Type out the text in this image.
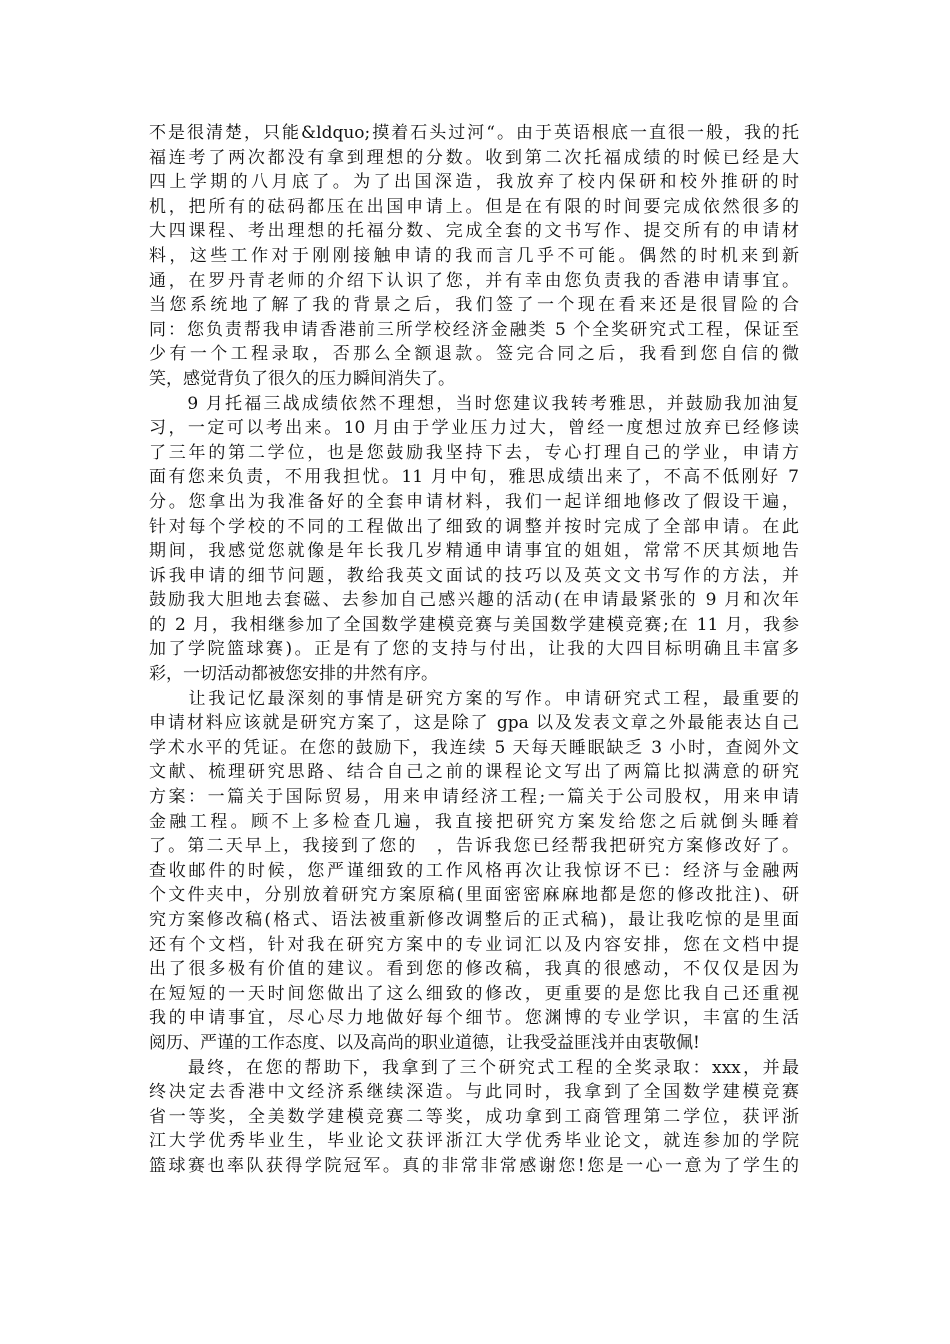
不是很清楚，只能&ldquo;摸着石头过河“。由于英语根底一直很一般，我的托
福连考了两次都没有拿到理想的分数。收到第二次托福成绩的时候已经是大
四上学期的八月底了。为了出国深造，我放弃了校内保研和校外推研的时
机，把所有的砝码都压在出国申请上。但是在有限的时间要完成依然很多的
大四课程、考出理想的托福分数、完成全套的文书写作、提交所有的申请材
料，这些工作对于刚刚接触申请的我而言几乎不可能。偶然的时机来到新
通，在罗丹青老师的介绍下认识了您，并有幸由您负责我的香港申请事宜。
当您系统地了解了我的背景之后，我们签了一个现在看来还是很冒险的合
同：您负责帮我申请香港前三所学校经济金融类 5 个全奖研究式工程，保证至
少有一个工程录取，否那么全额退款。签完合同之后，我看到您自信的微
笑，感觉背负了很久的压力瞬间消失了。
　　9 月托福三战成绩依然不理想，当时您建议我转考雅思，并鼓励我加油复
习，一定可以考出来。10 月由于学业压力过大，曾经一度想过放弃已经修读
了三年的第二学位，也是您鼓励我坚持下去，专心打理自己的学业，申请方
面有您来负责，不用我担忧。11 月中旬，雅思成绩出来了，不高不低刚好 7
分。您拿出为我准备好的全套申请材料，我们一起详细地修改了假设干遍，
针对每个学校的不同的工程做出了细致的调整并按时完成了全部申请。在此
期间，我感觉您就像是年长我几岁精通申请事宜的姐姐，常常不厌其烦地告
诉我申请的细节问题，教给我英文面试的技巧以及英文文书写作的方法，并
鼓励我大胆地去套磁、去参加自己感兴趣的活动(在申请最紧张的 9 月和次年
的 2 月，我相继参加了全国数学建模竞赛与美国数学建模竞赛;在 11 月，我参
加了学院篮球赛)。正是有了您的支持与付出，让我的大四目标明确且丰富多
彩，一切活动都被您安排的井然有序。
　　让我记忆最深刻的事情是研究方案的写作。申请研究式工程，最重要的
申请材料应该就是研究方案了，这是除了 gpa 以及发表文章之外最能表达自己
学术水平的凭证。在您的鼓励下，我连续 5 天每天睡眠缺乏 3 小时，查阅外文
文献、梳理研究思路、结合自己之前的课程论文写出了两篇比拟满意的研究
方案：一篇关于国际贸易，用来申请经济工程;一篇关于公司股权，用来申请
金融工程。顾不上多检查几遍，我直接把研究方案发给您之后就倒头睡着
了。第二天早上，我接到了您的　，告诉我您已经帮我把研究方案修改好了。
查收邮件的时候，您严谨细致的工作风格再次让我惊讶不已：经济与金融两
个文件夹中，分别放着研究方案原稿(里面密密麻麻地都是您的修改批注)、研
究方案修改稿(格式、语法被重新修改调整后的正式稿)，最让我吃惊的是里面
还有个文档，针对我在研究方案中的专业词汇以及内容安排，您在文档中提
出了很多极有价值的建议。看到您的修改稿，我真的很感动，不仅仅是因为
在短短的一天时间您做出了这么细致的修改，更重要的是您比我自己还重视
我的申请事宜，尽心尽力地做好每个细节。您渊博的专业学识，丰富的生活
阅历、严谨的工作态度、以及高尚的职业道德，让我受益匪浅并由衷敬佩!
　　最终，在您的帮助下，我拿到了三个研究式工程的全奖录取：xxx，并最
终决定去香港中文经济系继续深造。与此同时，我拿到了全国数学建模竞赛
省一等奖，全美数学建模竞赛二等奖，成功拿到工商管理第二学位，获评浙
江大学优秀毕业生，毕业论文获评浙江大学优秀毕业论文，就连参加的学院
篮球赛也率队获得学院冠军。真的非常非常感谢您!您是一心一意为了学生的
